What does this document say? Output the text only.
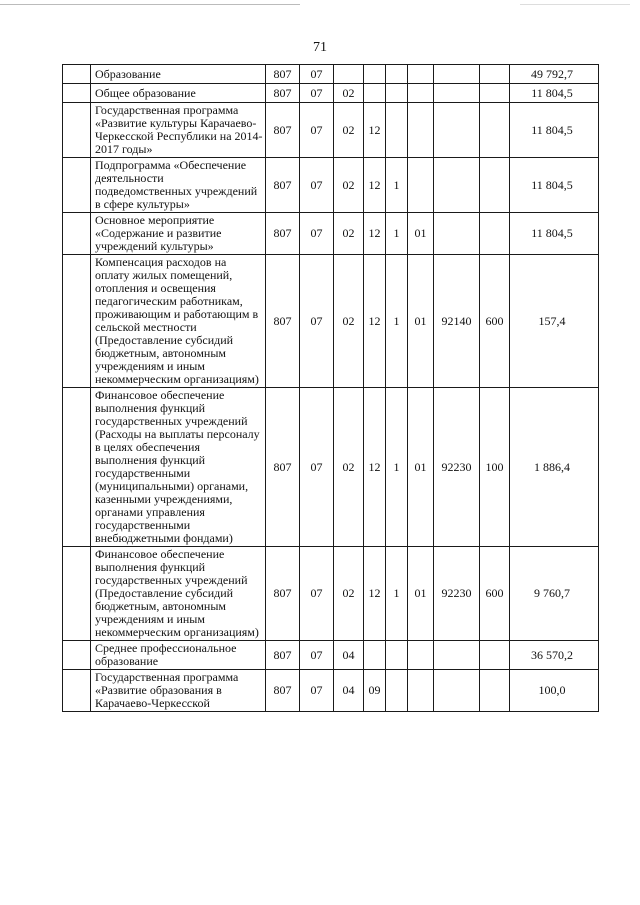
71
	Образование	807	07							49 792,7
	Общее образование	807	07	02						11 804,5
	Государственная программа «Развитие культуры Карачаево-Черкесской Республики на 2014-2017 годы»	807	07	02	12					11 804,5
	Подпрограмма «Обеспечение деятельности подведомственных учреждений в сфере культуры»	807	07	02	12	1				11 804,5
	Основное мероприятие «Содержание и развитие учреждений культуры»	807	07	02	12	1	01			11 804,5
	Компенсация расходов на оплату жилых помещений, отопления и освещения педагогическим работникам, проживающим и работающим в сельской местности (Предоставление субсидий бюджетным, автономным учреждениям и иным некоммерческим организациям)	807	07	02	12	1	01	92140	600	157,4
	Финансовое обеспечение выполнения функций государственных учреждений (Расходы на выплаты персоналу в целях обеспечения выполнения функций государственными (муниципальными) органами, казенными учреждениями, органами управления государственными внебюджетными фондами)	807	07	02	12	1	01	92230	100	1 886,4
	Финансовое обеспечение выполнения функций государственных учреждений (Предоставление субсидий бюджетным, автономным учреждениям и иным некоммерческим организациям)	807	07	02	12	1	01	92230	600	9 760,7
	Среднее профессиональное образование	807	07	04						36 570,2
	Государственная программа «Развитие образования в Карачаево-Черкесской	807	07	04	09					100,0
